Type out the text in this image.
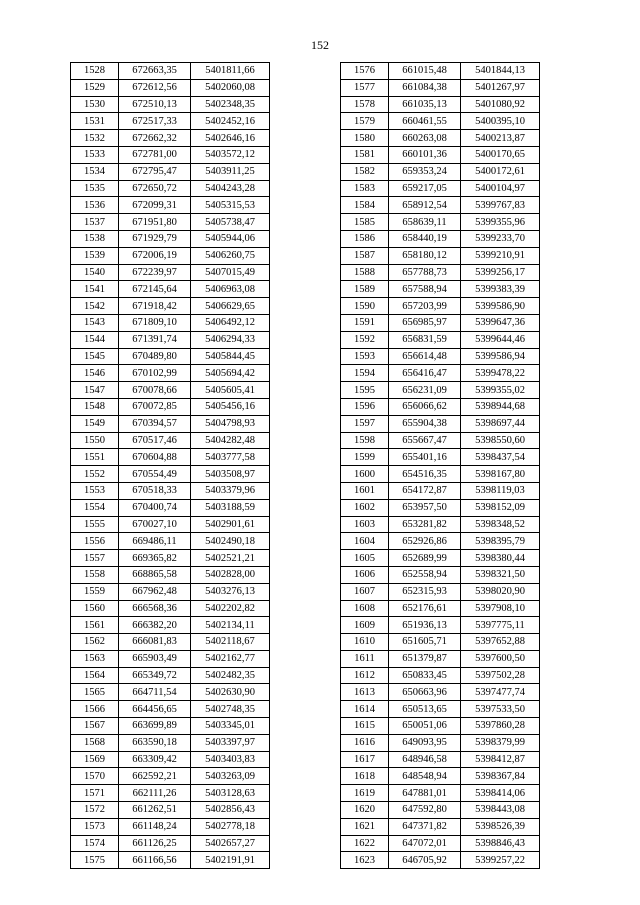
152
1528	672663,35	5401811,66
1529	672612,56	5402060,08
1530	672510,13	5402348,35
1531	672517,33	5402452,16
1532	672662,32	5402646,16
1533	672781,00	5403572,12
1534	672795,47	5403911,25
1535	672650,72	5404243,28
1536	672099,31	5405315,53
1537	671951,80	5405738,47
1538	671929,79	5405944,06
1539	672006,19	5406260,75
1540	672239,97	5407015,49
1541	672145,64	5406963,08
1542	671918,42	5406629,65
1543	671809,10	5406492,12
1544	671391,74	5406294,33
1545	670489,80	5405844,45
1546	670102,99	5405694,42
1547	670078,66	5405605,41
1548	670072,85	5405456,16
1549	670394,57	5404798,93
1550	670517,46	5404282,48
1551	670604,88	5403777,58
1552	670554,49	5403508,97
1553	670518,33	5403379,96
1554	670400,74	5403188,59
1555	670027,10	5402901,61
1556	669486,11	5402490,18
1557	669365,82	5402521,21
1558	668865,58	5402828,00
1559	667962,48	5403276,13
1560	666568,36	5402202,82
1561	666382,20	5402134,11
1562	666081,83	5402118,67
1563	665903,49	5402162,77
1564	665349,72	5402482,35
1565	664711,54	5402630,90
1566	664456,65	5402748,35
1567	663699,89	5403345,01
1568	663590,18	5403397,97
1569	663309,42	5403403,83
1570	662592,21	5403263,09
1571	662111,26	5403128,63
1572	661262,51	5402856,43
1573	661148,24	5402778,18
1574	661126,25	5402657,27
1575	661166,56	5402191,91
1576	661015,48	5401844,13
1577	661084,38	5401267,97
1578	661035,13	5401080,92
1579	660461,55	5400395,10
1580	660263,08	5400213,87
1581	660101,36	5400170,65
1582	659353,24	5400172,61
1583	659217,05	5400104,97
1584	658912,54	5399767,83
1585	658639,11	5399355,96
1586	658440,19	5399233,70
1587	658180,12	5399210,91
1588	657788,73	5399256,17
1589	657588,94	5399383,39
1590	657203,99	5399586,90
1591	656985,97	5399647,36
1592	656831,59	5399644,46
1593	656614,48	5399586,94
1594	656416,47	5399478,22
1595	656231,09	5399355,02
1596	656066,62	5398944,68
1597	655904,38	5398697,44
1598	655667,47	5398550,60
1599	655401,16	5398437,54
1600	654516,35	5398167,80
1601	654172,87	5398119,03
1602	653957,50	5398152,09
1603	653281,82	5398348,52
1604	652926,86	5398395,79
1605	652689,99	5398380,44
1606	652558,94	5398321,50
1607	652315,93	5398020,90
1608	652176,61	5397908,10
1609	651936,13	5397775,11
1610	651605,71	5397652,88
1611	651379,87	5397600,50
1612	650833,45	5397502,28
1613	650663,96	5397477,74
1614	650513,65	5397533,50
1615	650051,06	5397860,28
1616	649093,95	5398379,99
1617	648946,58	5398412,87
1618	648548,94	5398367,84
1619	647881,01	5398414,06
1620	647592,80	5398443,08
1621	647371,82	5398526,39
1622	647072,01	5398846,43
1623	646705,92	5399257,22
